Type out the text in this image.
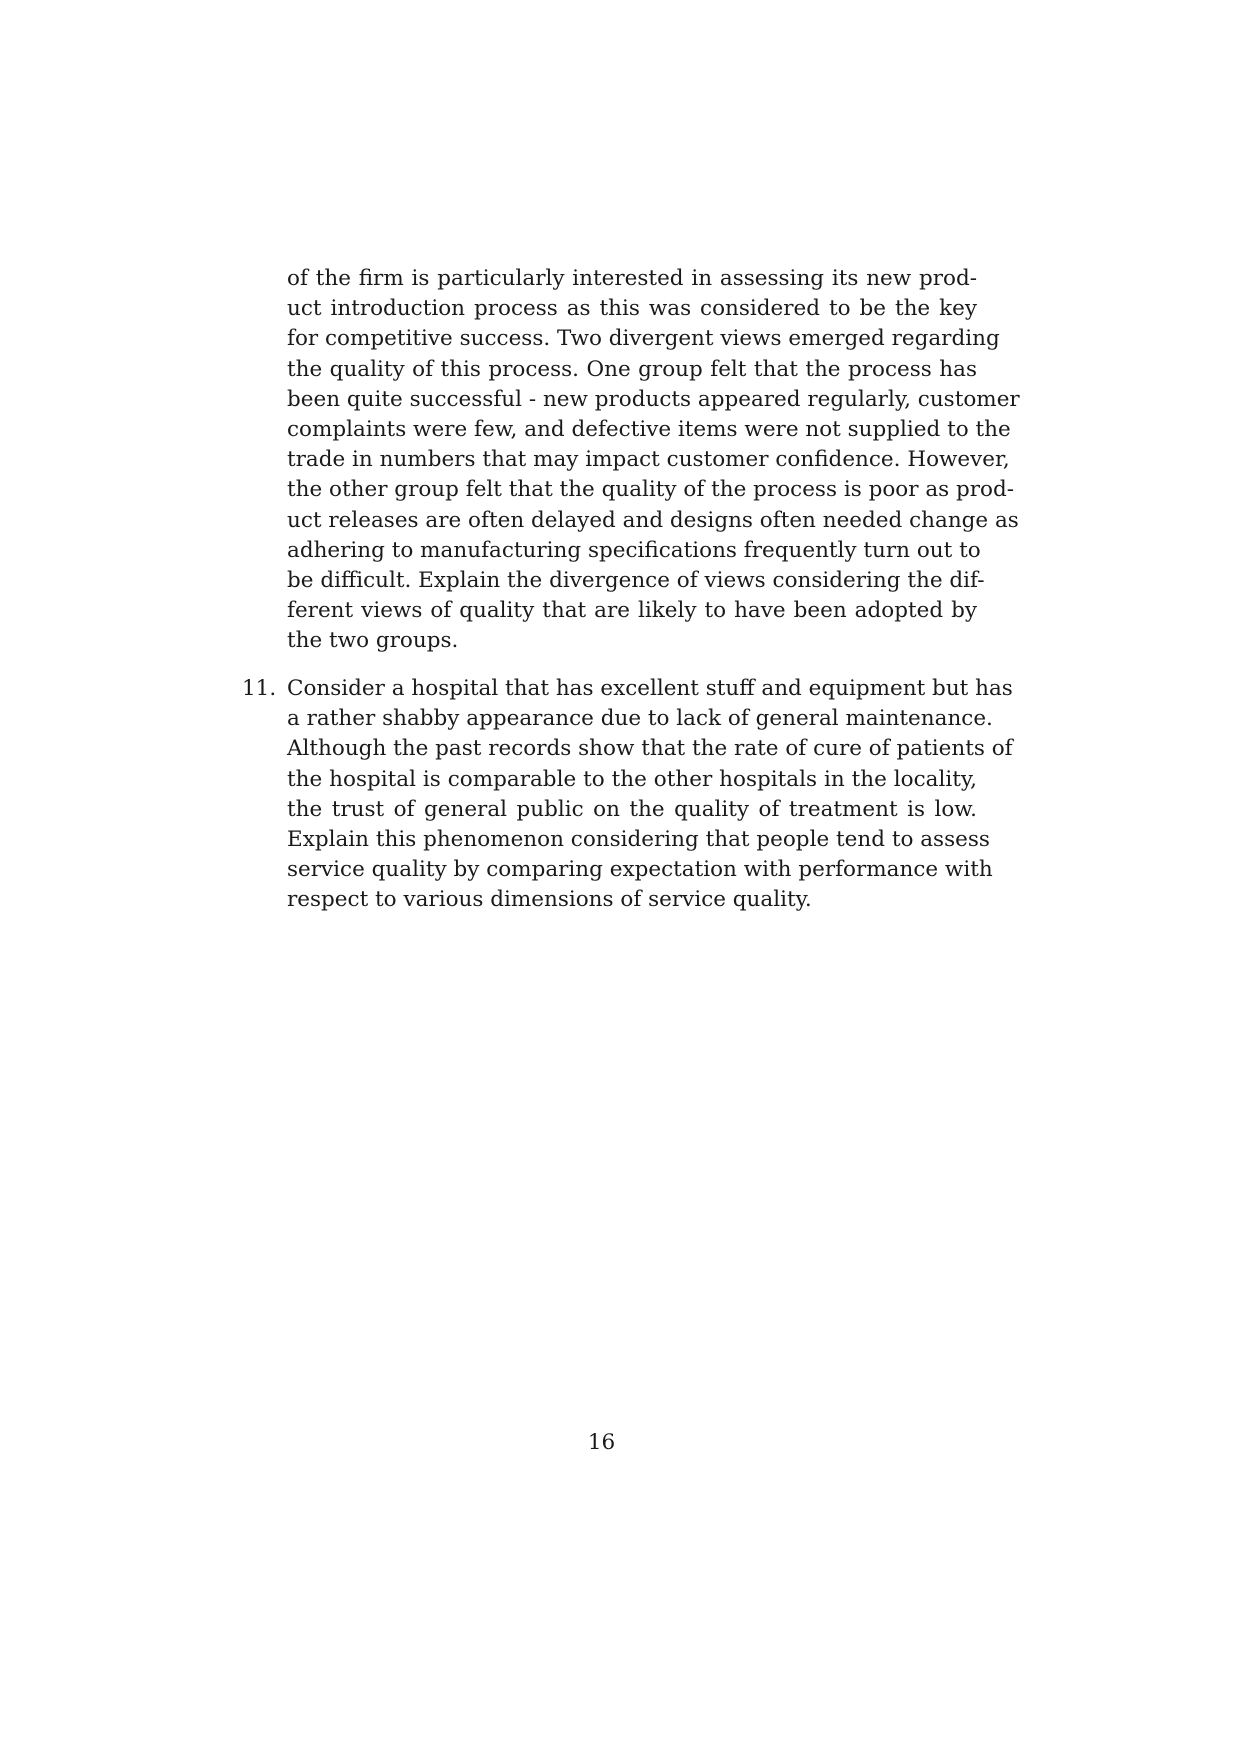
of the firm is particularly interested in assessing its new prod-
uct introduction process as this was considered to be the key
for competitive success. Two divergent views emerged regarding
the quality of this process. One group felt that the process has
been quite successful - new products appeared regularly, customer
complaints were few, and defective items were not supplied to the
trade in numbers that may impact customer confidence. However,
the other group felt that the quality of the process is poor as prod-
uct releases are often delayed and designs often needed change as
adhering to manufacturing specifications frequently turn out to
be difficult. Explain the divergence of views considering the dif-
ferent views of quality that are likely to have been adopted by
the two groups.
11. Consider a hospital that has excellent stuff and equipment but has
a rather shabby appearance due to lack of general maintenance.
Although the past records show that the rate of cure of patients of
the hospital is comparable to the other hospitals in the locality,
the trust of general public on the quality of treatment is low.
Explain this phenomenon considering that people tend to assess
service quality by comparing expectation with performance with
respect to various dimensions of service quality.
16
